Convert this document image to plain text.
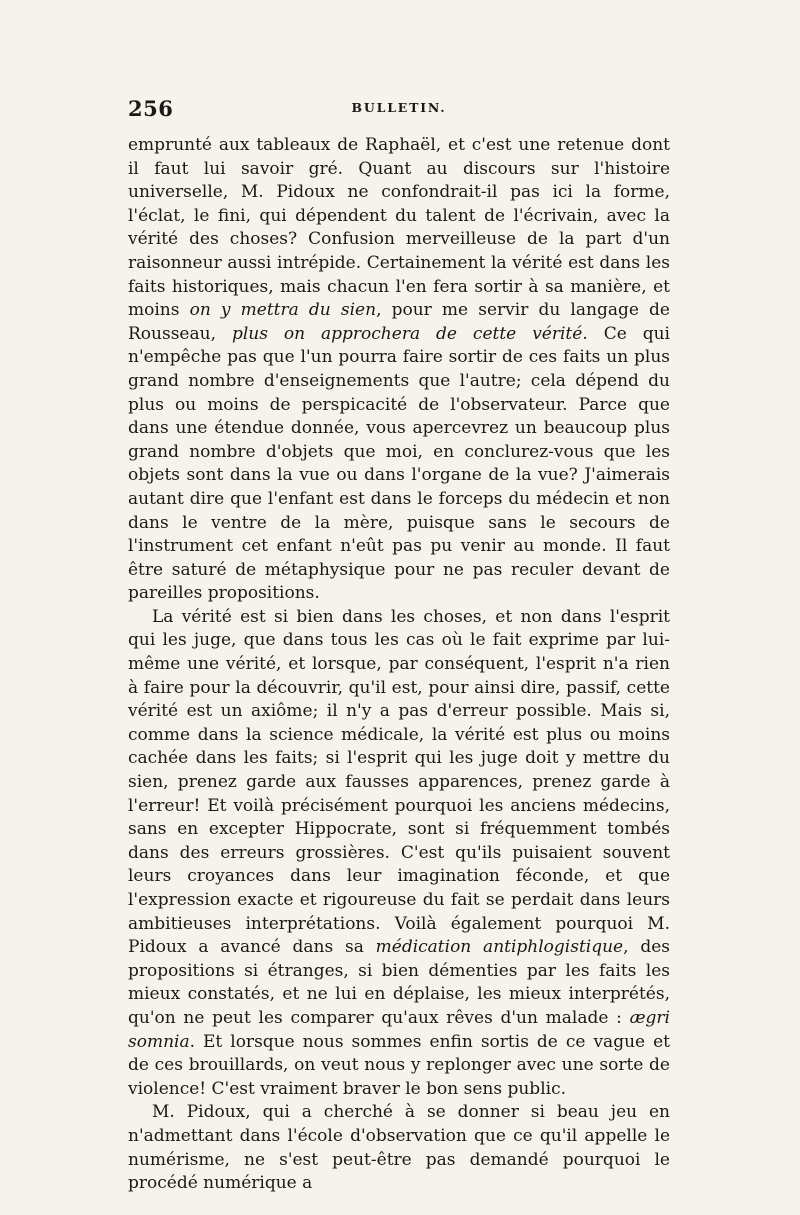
256	BULLETIN.

emprunté aux tableaux de Raphaël, et c'est une retenue dont il faut lui savoir gré. Quant au discours sur l'histoire universelle, M. Pidoux ne confondrait-il pas ici la forme, l'éclat, le fini, qui dépendent du talent de l'écrivain, avec la vérité des choses? Confusion merveilleuse de la part d'un raisonneur aussi intrépide. Certainement la vérité est dans les faits historiques, mais chacun l'en fera sortir à sa manière, et moins on y mettra du sien, pour me servir du langage de Rousseau, plus on approchera de cette vérité. Ce qui n'empêche pas que l'un pourra faire sortir de ces faits un plus grand nombre d'enseignements que l'autre; cela dépend du plus ou moins de perspicacité de l'observateur. Parce que dans une étendue donnée, vous apercevrez un beaucoup plus grand nombre d'objets que moi, en conclurez-vous que les objets sont dans la vue ou dans l'organe de la vue? J'aimerais autant dire que l'enfant est dans le forceps du médecin et non dans le ventre de la mère, puisque sans le secours de l'instrument cet enfant n'eût pas pu venir au monde. Il faut être saturé de métaphysique pour ne pas reculer devant de pareilles propositions.

La vérité est si bien dans les choses, et non dans l'esprit qui les juge, que dans tous les cas où le fait exprime par lui-même une vérité, et lorsque, par conséquent, l'esprit n'a rien à faire pour la découvrir, qu'il est, pour ainsi dire, passif, cette vérité est un axiôme; il n'y a pas d'erreur possible. Mais si, comme dans la science médicale, la vérité est plus ou moins cachée dans les faits; si l'esprit qui les juge doit y mettre du sien, prenez garde aux fausses apparences, prenez garde à l'erreur! Et voilà précisément pourquoi les anciens médecins, sans en excepter Hippocrate, sont si fréquemment tombés dans des erreurs grossières. C'est qu'ils puisaient souvent leurs croyances dans leur imagination féconde, et que l'expression exacte et rigoureuse du fait se perdait dans leurs ambitieuses interprétations. Voilà également pourquoi M. Pidoux a avancé dans sa médication antiphlogistique, des propositions si étranges, si bien démenties par les faits les mieux constatés, et ne lui en déplaise, les mieux interprétés, qu'on ne peut les comparer qu'aux rêves d'un malade : ægri somnia. Et lorsque nous sommes enfin sortis de ce vague et de ces brouillards, on veut nous y replonger avec une sorte de violence! C'est vraiment braver le bon sens public.

M. Pidoux, qui a cherché à se donner si beau jeu en n'admettant dans l'école d'observation que ce qu'il appelle le numérisme, ne s'est peut-être pas demandé pourquoi le procédé numérique a
